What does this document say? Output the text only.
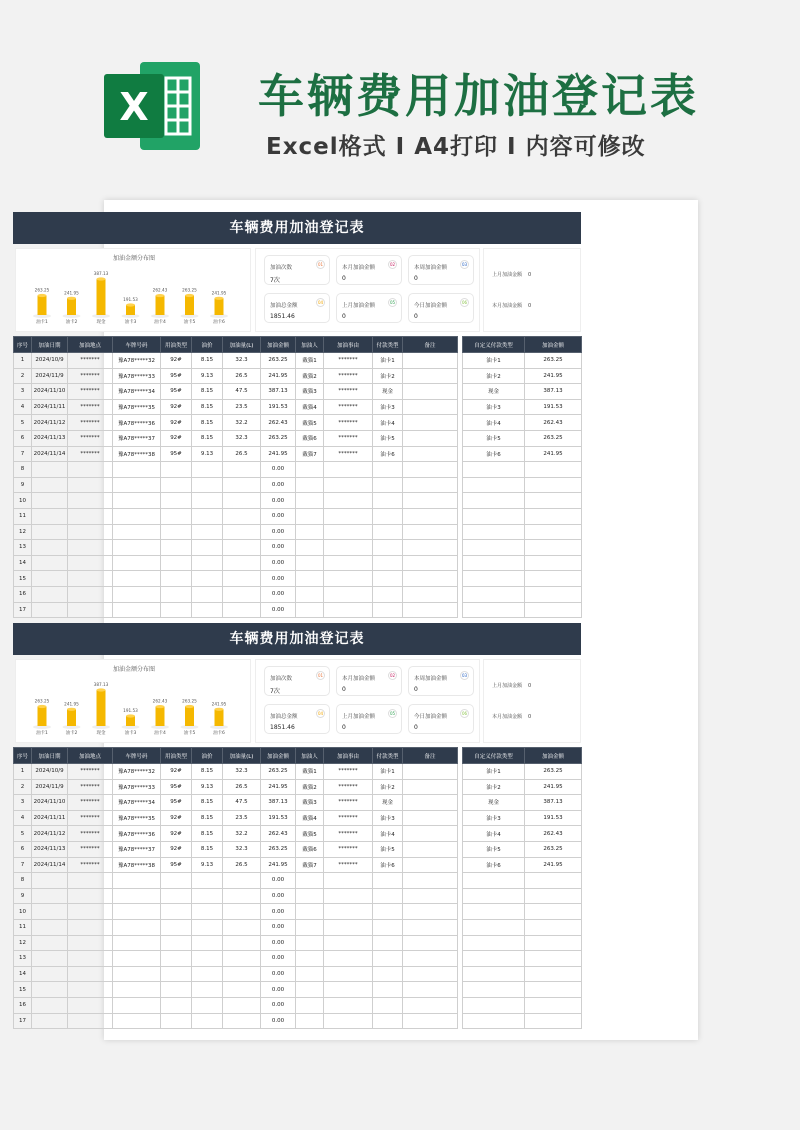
X 车辆费用加油登记表
Excel格式 I A4打印 I 内容可修改
车辆费用加油登记表
加油金额分布图
263.25
油卡1
241.95
油卡2
387.13
现金
191.53
油卡3
262.43
油卡4
263.25
油卡5
241.95
油卡6
加油次数
7次
01
本月加油金额
0
02
本周加油金额
0
03
加油总金额
1851.46
04
上月加油金额
0
05
今日加油金额
0
06
上月加油金额 0
本月加油金额 0
序号	加油日期	加油地点	车牌号码	用油类型	油价	加油量(L)	加油金额	加油人	加油事由	付款类型	备注
1	2024/10/9	*******	豫A78*****32	92#	8.15	32.3	263.25	戴猫1	*******	油卡1	
2	2024/11/9	*******	豫A78*****33	95#	9.13	26.5	241.95	戴猫2	*******	油卡2	
3	2024/11/10	*******	豫A78*****34	95#	8.15	47.5	387.13	戴猫3	*******	现金	
4	2024/11/11	*******	豫A78*****35	92#	8.15	23.5	191.53	戴猫4	*******	油卡3	
5	2024/11/12	*******	豫A78*****36	92#	8.15	32.2	262.43	戴猫5	*******	油卡4	
6	2024/11/13	*******	豫A78*****37	92#	8.15	32.3	263.25	戴猫6	*******	油卡5	
7	2024/11/14	*******	豫A78*****38	95#	9.13	26.5	241.95	戴猫7	*******	油卡6	
8							0.00				
9							0.00				
10							0.00				
11							0.00				
12							0.00				
13							0.00				
14							0.00				
15							0.00				
16							0.00				
17							0.00				
自定义付款类型	加油金额
油卡1	263.25
油卡2	241.95
现金	387.13
油卡3	191.53
油卡4	262.43
油卡5	263.25
油卡6	241.95

车辆费用加油登记表
加油金额分布图
263.25
油卡1
241.95
油卡2
387.13
现金
191.53
油卡3
262.43
油卡4
263.25
油卡5
241.95
油卡6
加油次数
7次
01
本月加油金额
0
02
本周加油金额
0
03
加油总金额
1851.46
04
上月加油金额
0
05
今日加油金额
0
06
上月加油金额 0
本月加油金额 0
序号	加油日期	加油地点	车牌号码	用油类型	油价	加油量(L)	加油金额	加油人	加油事由	付款类型	备注
1	2024/10/9	*******	豫A78*****32	92#	8.15	32.3	263.25	戴猫1	*******	油卡1	
2	2024/11/9	*******	豫A78*****33	95#	9.13	26.5	241.95	戴猫2	*******	油卡2	
3	2024/11/10	*******	豫A78*****34	95#	8.15	47.5	387.13	戴猫3	*******	现金	
4	2024/11/11	*******	豫A78*****35	92#	8.15	23.5	191.53	戴猫4	*******	油卡3	
5	2024/11/12	*******	豫A78*****36	92#	8.15	32.2	262.43	戴猫5	*******	油卡4	
6	2024/11/13	*******	豫A78*****37	92#	8.15	32.3	263.25	戴猫6	*******	油卡5	
7	2024/11/14	*******	豫A78*****38	95#	9.13	26.5	241.95	戴猫7	*******	油卡6	
8							0.00				
9							0.00				
10							0.00				
11							0.00				
12							0.00				
13							0.00				
14							0.00				
15							0.00				
16							0.00				
17							0.00				
自定义付款类型	加油金额
油卡1	263.25
油卡2	241.95
现金	387.13
油卡3	191.53
油卡4	262.43
油卡5	263.25
油卡6	241.95
